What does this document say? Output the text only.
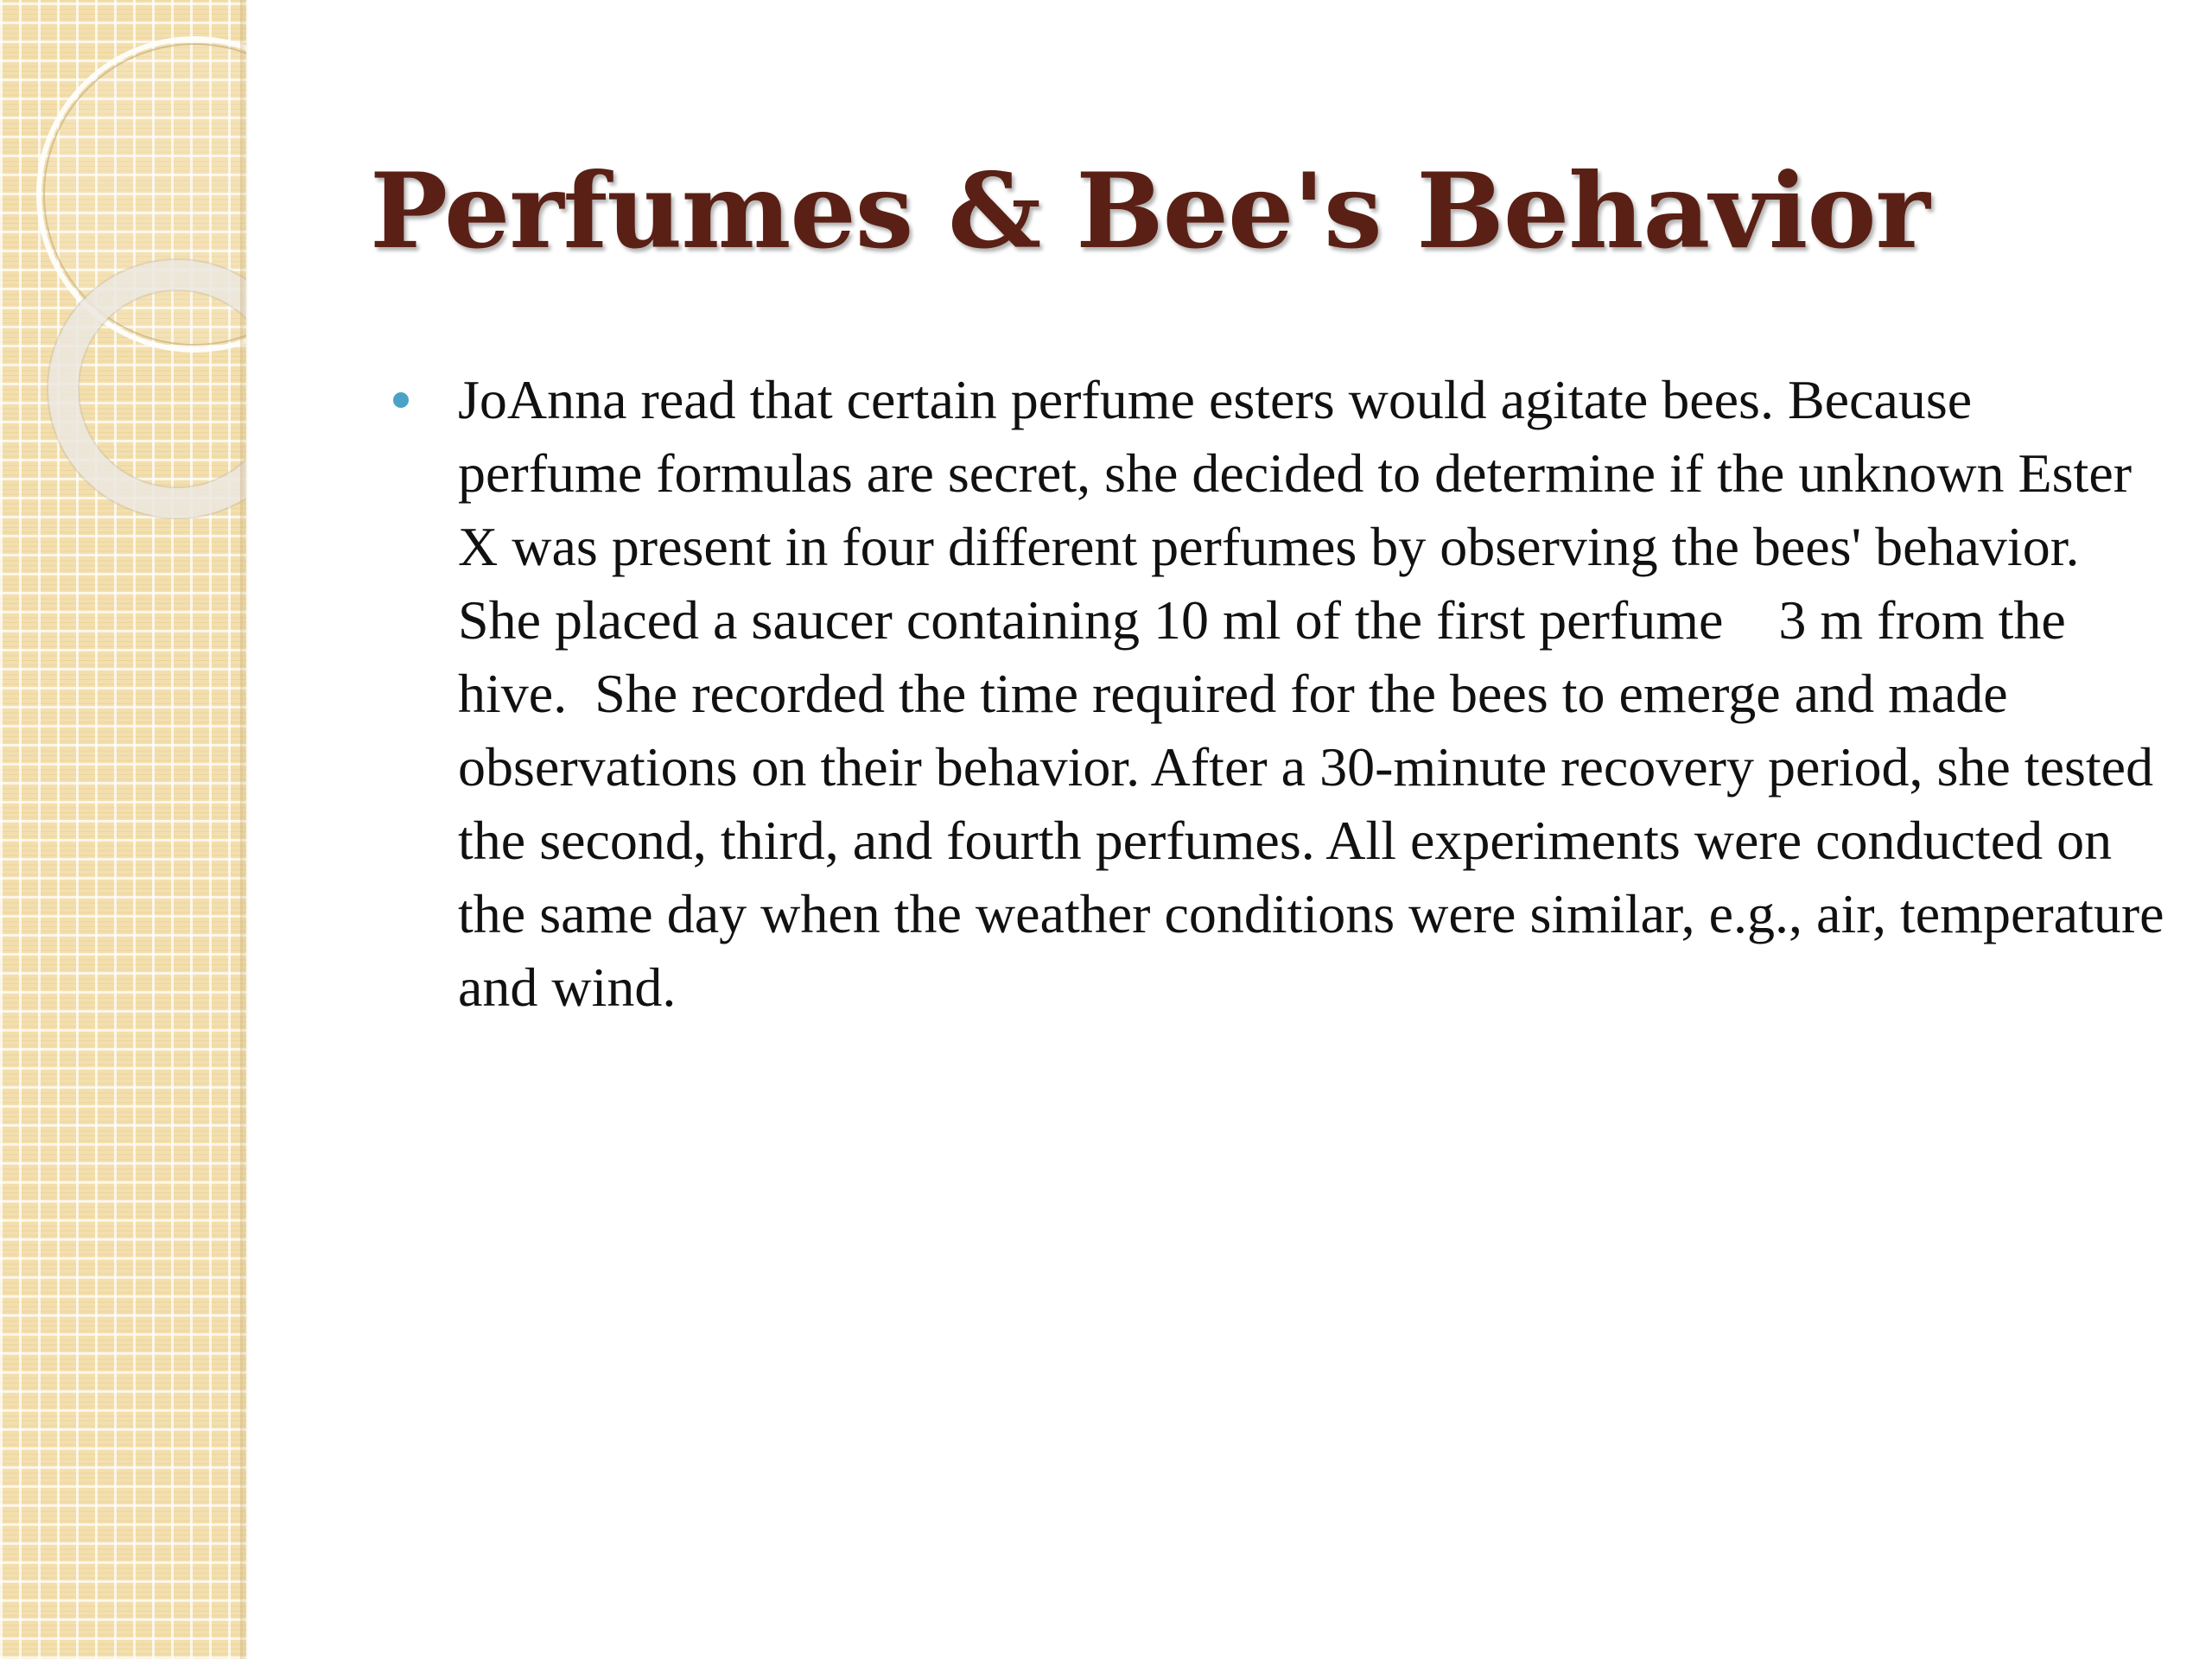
Perfumes & Bee's Behavior
JoAnna read that certain perfume esters would agitate bees. Because perfume formulas are secret, she decided to determine if the unknown Ester X was present in four different perfumes by observing the bees' behavior.  She placed a saucer containing 10 ml of the first perfume    3 m from the hive.  She recorded the time required for the bees to emerge and made observations on their behavior. After a 30-minute recovery period, she tested the second, third, and fourth perfumes. All experiments were conducted on the same day when the weather conditions were similar, e.g., air, temperature and wind.
